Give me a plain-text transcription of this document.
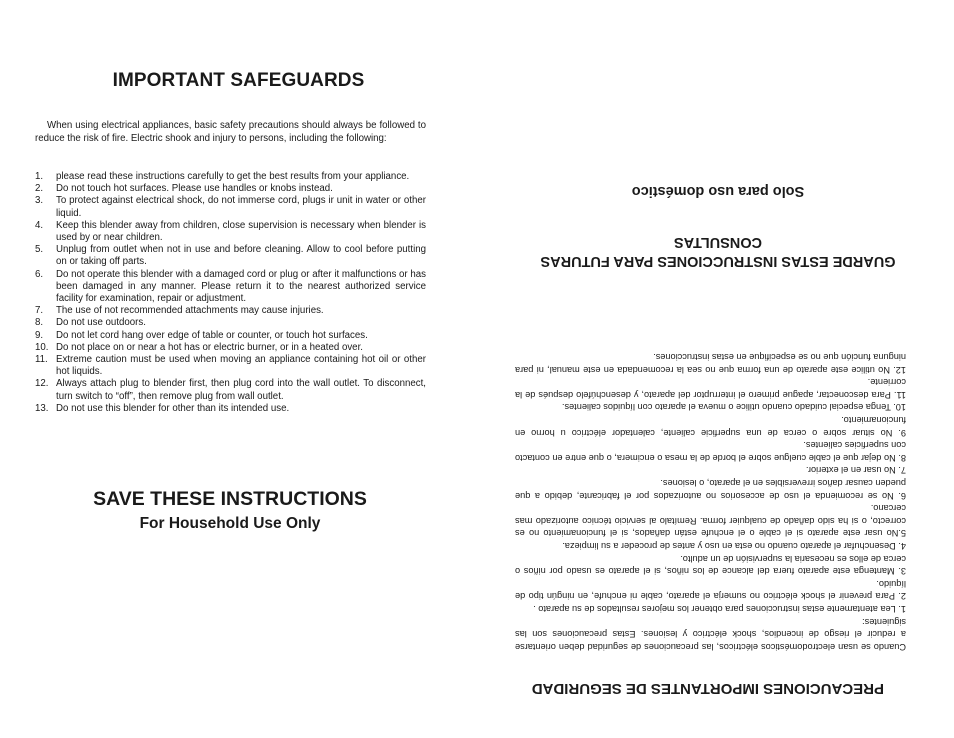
IMPORTANT SAFEGUARDS

When using electrical appliances, basic safety precautions should always be followed to reduce the risk of fire. Electric shook and injury to persons, including the following:

1.	please read these instructions carefully to get the best results from your appliance.
2.	Do not touch hot surfaces. Please use handles or knobs instead.
3.	To protect against electrical shock, do not immerse cord, plugs ir unit in water or other liquid.
4.	Keep this blender away from children, close supervision is necessary when blender is used by or near children.
5.	Unplug from outlet when not in use and before cleaning. Allow to cool before putting on or taking off parts.
6.	Do not operate this blender with a damaged cord or plug or after it malfunctions or has been damaged in any manner. Please return it to the nearest authorized service facility for examination, repair or adjustment.
7.	The use of not recommended attachments may cause injuries.
8.	Do not use outdoors.
9.	Do not let cord hang over edge of table or counter, or touch hot surfaces.
10. Do not place on or near a hot has or electric burner, or in a heated over.
11. Extreme caution must be used when moving an appliance containing hot oil or other hot liquids.
12. Always attach plug to blender first, then plug cord into the wall outlet. To disconnect, turn switch to “off”, then remove plug from wall outlet.
13. Do not use this blender for other than its intended use.
SAVE THESE INSTRUCTIONS
For Household Use Only
PRECAUCIONES IMPORTANTES DE SEGURIDAD

Cuando se usan electrodomésticos eléctricos, las precauciones de seguridad deben orientarse a reducir el riesgo de incendios, shock eléctrico y lesiones. Estas precauciones son las siguientes:

1. Lea atentamente estas instrucciones para obtener los mejores resultados de su aparato .
2. Para prevenir el shock eléctrico no sumerja el aparato, cable ni enchufe, en ningún tipo de líquido.
3. Mantenga este aparato fuera del alcance de los niños, si el aparato es usado por niños o cerca de ellos es necesaria la supervisión de un adulto.
4. Desenchufar el aparato cuando no esta en uso y antes de proceder a su limpieza.
5.No usar este aparato si el cable o el enchufe están dañados, si el funcionamiento no es correcto, o si ha sido dañado de cualquier forma. Remítalo al servicio técnico autorizado mas cercano.
6. No se recomienda el uso de accesorios no autorizados por el fabricante, debido a que pueden causar daños irreversibles en el aparato, o lesiones.
7. No usar en el exterior.
8. No dejar que el cable cuelgue sobre el borde de la mesa o encimera, o que entre en contacto con superficies calientes.
9. No situar sobre o cerca de una superficie caliente, calentador eléctrico u horno en funcionamiento.
10. Tenga especial cuidado cuando utilice o mueva el aparato con líquidos calientes.
11. Para desconectar, apague primero el interruptor del aparato, y desenchúfelo después de la corriente.
12. No utilice este aparato de una forma que no sea la recomendada en este manual, ni para ninguna función que no se especifique en estas instrucciones.
GUARDE ESTAS INSTRUCCIONES PARA FUTURAS CONSULTAS
Solo para uso doméstico
